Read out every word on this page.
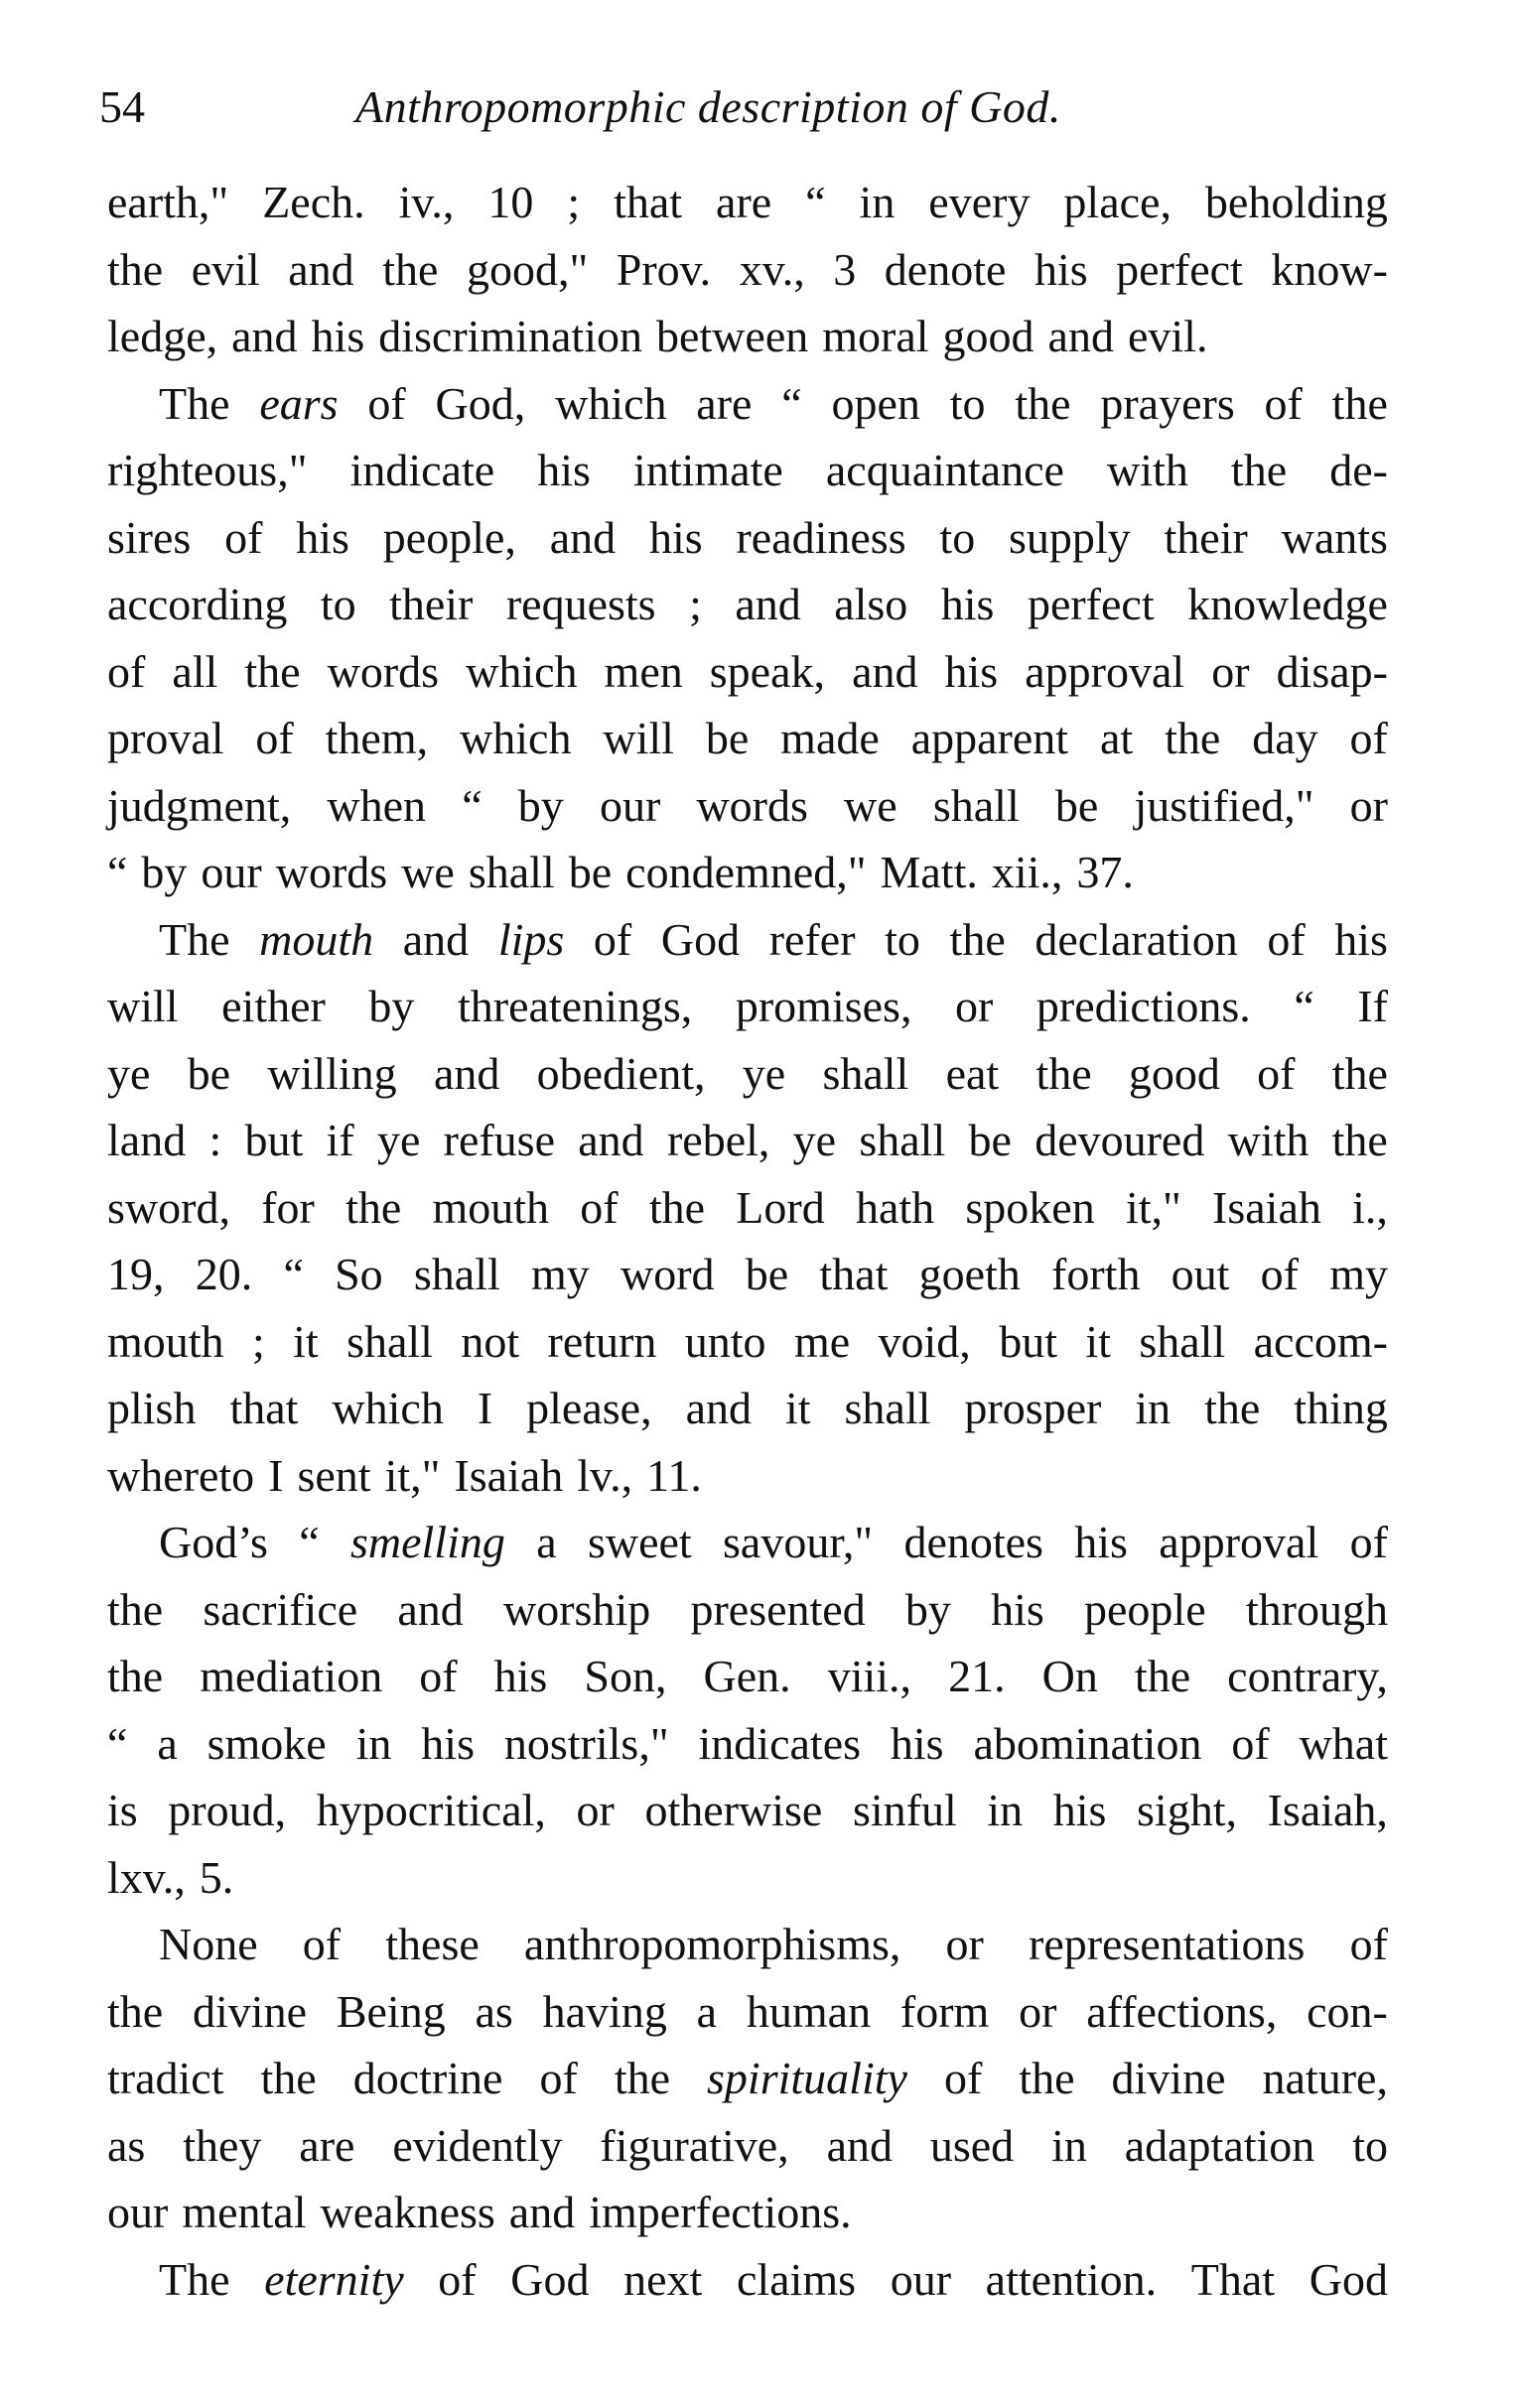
54	Anthropomorphic description of God.
earth," Zech. iv., 10 ; that are “ in every place, beholding
the evil and the good," Prov. xv., 3 denote his perfect know-
ledge, and his discrimination between moral good and evil.
The ears of God, which are “ open to the prayers of the
righteous," indicate his intimate acquaintance with the de-
sires of his people, and his readiness to supply their wants
according to their requests ; and also his perfect knowledge
of all the words which men speak, and his approval or disap-
proval of them, which will be made apparent at the day of
judgment, when “ by our words we shall be justified," or
“ by our words we shall be condemned," Matt. xii., 37.
The mouth and lips of God refer to the declaration of his
will either by threatenings, promises, or predictions. “ If
ye be willing and obedient, ye shall eat the good of the
land : but if ye refuse and rebel, ye shall be devoured with the
sword, for the mouth of the Lord hath spoken it," Isaiah i.,
19, 20. “ So shall my word be that goeth forth out of my
mouth ; it shall not return unto me void, but it shall accom-
plish that which I please, and it shall prosper in the thing
whereto I sent it," Isaiah lv., 11.
God’s “ smelling a sweet savour," denotes his approval of
the sacrifice and worship presented by his people through
the mediation of his Son, Gen. viii., 21. On the contrary,
“ a smoke in his nostrils," indicates his abomination of what
is proud, hypocritical, or otherwise sinful in his sight, Isaiah,
lxv., 5.
None of these anthropomorphisms, or representations of
the divine Being as having a human form or affections, con-
tradict the doctrine of the spirituality of the divine nature,
as they are evidently figurative, and used in adaptation to
our mental weakness and imperfections.
The eternity of God next claims our attention. That God
